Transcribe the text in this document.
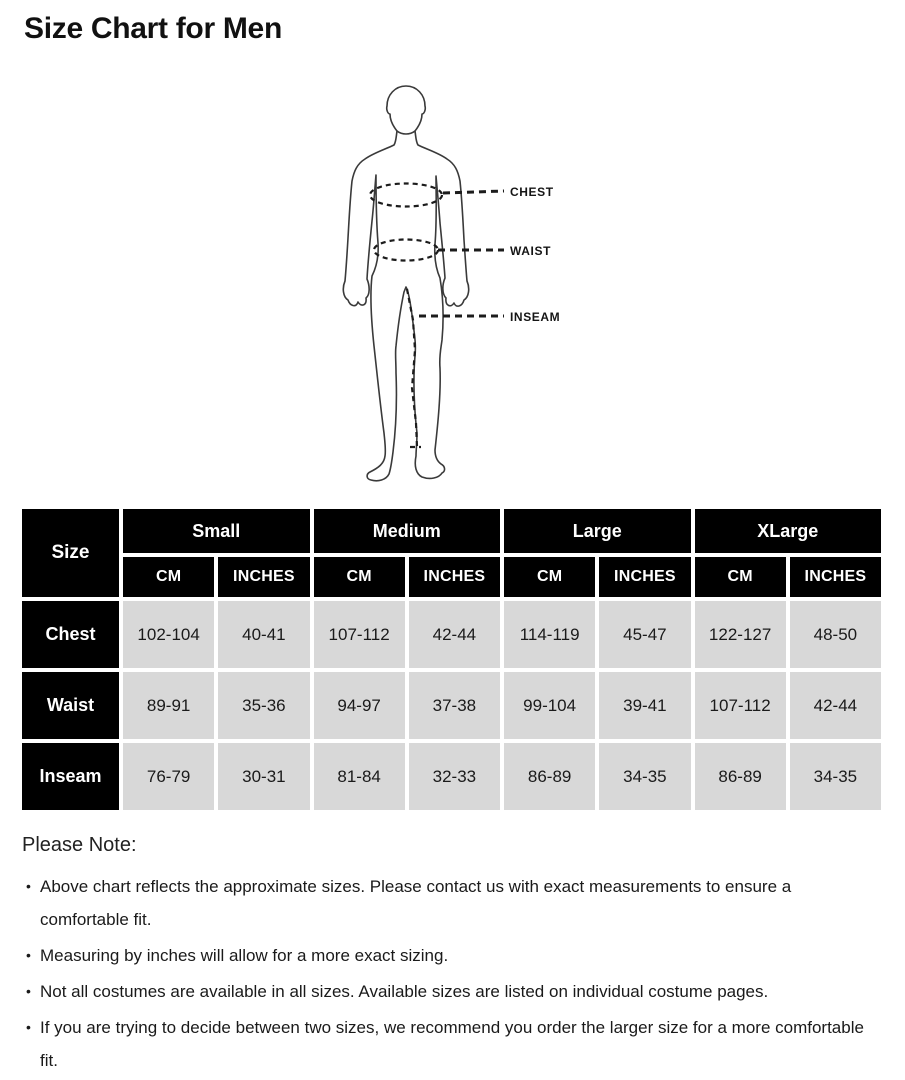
Size Chart for Men
CHEST
WAIST
INSEAM
Size	Small		Medium		Large		XLarge	
	CM	INCHES	CM	INCHES	CM	INCHES	CM	INCHES
Chest	102-104	40-41	107-112	42-44	114-119	45-47	122-127	48-50
Waist	89-91	35-36	94-97	37-38	99-104	39-41	107-112	42-44
Inseam	76-79	30-31	81-84	32-33	86-89	34-35	86-89	34-35
Please Note:
• Above chart reflects the approximate sizes. Please contact us with exact measurements to ensure a comfortable fit.
• Measuring by inches will allow for a more exact sizing.
• Not all costumes are available in all sizes. Available sizes are listed on individual costume pages.
• If you are trying to decide between two sizes, we recommend you order the larger size for a more comfortable fit.
